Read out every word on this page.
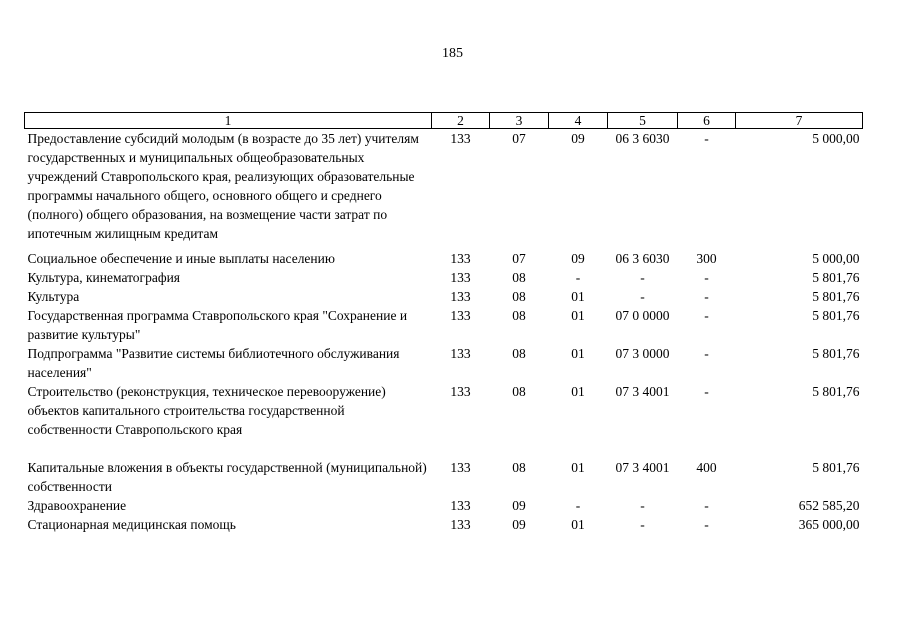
185
1	2	3	4	5	6	7
Предоставление субсидий молодым (в возрасте до 35 лет) учителям государственных и муниципальных общеобразовательных учреждений Ставропольского края, реализующих образовательные программы начального общего, основного общего и среднего (полного) общего образования, на возмещение части затрат по ипотечным жилищным кредитам	133	07	09	06 3 6030	-	5 000,00
Социальное обеспечение и иные выплаты населению	133	07	09	06 3 6030	300	5 000,00
Культура, кинематография	133	08	-	-	-	5 801,76
Культура	133	08	01	-	-	5 801,76
Государственная программа Ставропольского края "Сохранение и развитие культуры"	133	08	01	07 0 0000	-	5 801,76
Подпрограмма "Развитие системы библиотечного обслуживания населения"	133	08	01	07 3 0000	-	5 801,76
Строительство (реконструкция, техническое перевооружение) объектов капитального строительства государственной собственности Ставропольского края	133	08	01	07 3 4001	-	5 801,76
Капитальные вложения в объекты государственной (муниципальной) собственности	133	08	01	07 3 4001	400	5 801,76
Здравоохранение	133	09	-	-	-	652 585,20
Стационарная медицинская помощь	133	09	01	-	-	365 000,00
